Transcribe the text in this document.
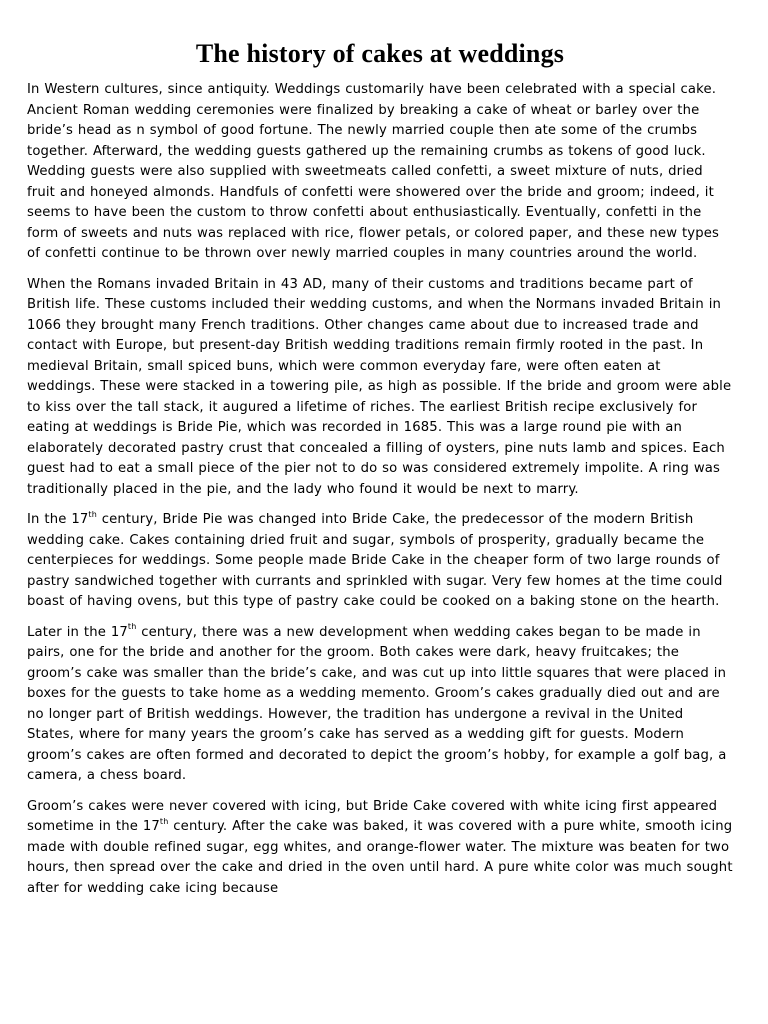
The history of cakes at weddings

In Western cultures, since antiquity. Weddings customarily have been celebrated with a special cake. Ancient Roman wedding ceremonies were finalized by breaking a cake of wheat or barley over the bride’s head as n symbol of good fortune. The newly married couple then ate some of the crumbs together. Afterward, the wedding guests gathered up the remaining crumbs as tokens of good luck. Wedding guests were also supplied with sweetmeats called confetti, a sweet mixture of nuts, dried fruit and honeyed almonds. Handfuls of confetti were showered over the bride and groom; indeed, it seems to have been the custom to throw confetti about enthusiastically. Eventually, confetti in the form of sweets and nuts was replaced with rice, flower petals, or colored paper, and these new types of confetti continue to be thrown over newly married couples in many countries around the world.

When the Romans invaded Britain in 43 AD, many of their customs and traditions became part of British life. These customs included their wedding customs, and when the Normans invaded Britain in 1066 they brought many French traditions. Other changes came about due to increased trade and contact with Europe, but present-day British wedding traditions remain firmly rooted in the past. In medieval Britain, small spiced buns, which were common everyday fare, were often eaten at weddings. These were stacked in a towering pile, as high as possible. If the bride and groom were able to kiss over the tall stack, it augured a lifetime of riches. The earliest British recipe exclusively for eating at weddings is Bride Pie, which was recorded in 1685. This was a large round pie with an elaborately decorated pastry crust that concealed a filling of oysters, pine nuts lamb and spices. Each guest had to eat a small piece of the pier not to do so was considered extremely impolite. A ring was traditionally placed in the pie, and the lady who found it would be next to marry.

In the 17th century, Bride Pie was changed into Bride Cake, the predecessor of the modern British wedding cake. Cakes containing dried fruit and sugar, symbols of prosperity, gradually became the centerpieces for weddings. Some people made Bride Cake in the cheaper form of two large rounds of pastry sandwiched together with currants and sprinkled with sugar. Very few homes at the time could boast of having ovens, but this type of pastry cake could be cooked on a baking stone on the hearth.

Later in the 17th century, there was a new development when wedding cakes began to be made in pairs, one for the bride and another for the groom. Both cakes were dark, heavy fruitcakes; the groom’s cake was smaller than the bride’s cake, and was cut up into little squares that were placed in boxes for the guests to take home as a wedding memento. Groom’s cakes gradually died out and are no longer part of British weddings. However, the tradition has undergone a revival in the United States, where for many years the groom’s cake has served as a wedding gift for guests. Modern groom’s cakes are often formed and decorated to depict the groom’s hobby, for example a golf bag, a camera, a chess board.

Groom’s cakes were never covered with icing, but Bride Cake covered with white icing first appeared sometime in the 17th century. After the cake was baked, it was covered with a pure white, smooth icing made with double refined sugar, egg whites, and orange-flower water. The mixture was beaten for two hours, then spread over the cake and dried in the oven until hard. A pure white color was much sought after for wedding cake icing because
